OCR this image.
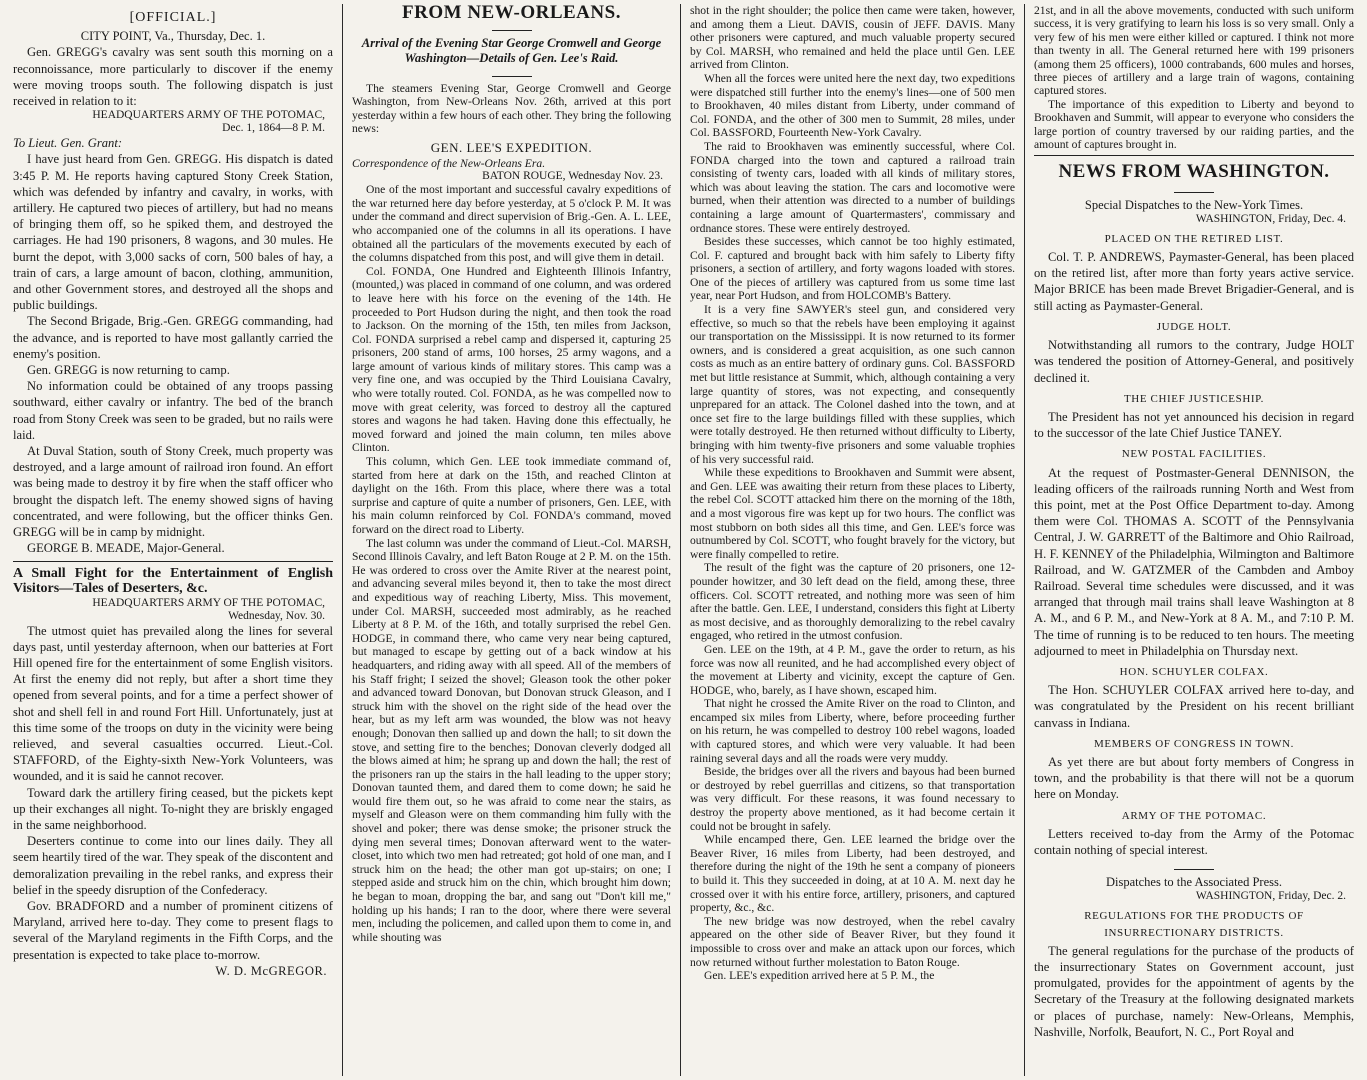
[OFFICIAL.]
CITY POINT, Va., Thursday, Dec. 1.

Gen. GREGG's cavalry was sent south this morning on a reconnoissance, more particularly to discover if the enemy were moving troops south. The following dispatch is just received in relation to it:

HEADQUARTERS ARMY OF THE POTOMAC,
Dec. 1, 1864—8 P. M.

To Lieut. Gen. Grant:

I have just heard from Gen. GREGG. His dispatch is dated 3:45 P. M. He reports having captured Stony Creek Station, which was defended by infantry and cavalry, in works, with artillery. He captured two pieces of artillery, but had no means of bringing them off, so he spiked them, and destroyed the carriages. He had 190 prisoners, 8 wagons, and 30 mules. He burnt the depot, with 3,000 sacks of corn, 500 bales of hay, a train of cars, a large amount of bacon, clothing, ammunition, and other Government stores, and destroyed all the shops and public buildings.

The Second Brigade, Brig.-Gen. GREGG commanding, had the advance, and is reported to have most gallantly carried the enemy's position.

Gen. GREGG is now returning to camp.

No information could be obtained of any troops passing southward, either cavalry or infantry. The bed of the branch road from Stony Creek was seen to be graded, but no rails were laid.

At Duval Station, south of Stony Creek, much property was destroyed, and a large amount of railroad iron found. An effort was being made to destroy it by fire when the staff officer who brought the dispatch left. The enemy showed signs of having concentrated, and were following, but the officer thinks Gen. GREGG will be in camp by midnight.

GEORGE B. MEADE, Major-General.

A Small Fight for the Entertainment of English Visitors—Tales of Deserters, &c.

HEADQUARTERS ARMY OF THE POTOMAC,
Wednesday, Nov. 30.

The utmost quiet has prevailed along the lines for several days past, until yesterday afternoon, when our batteries at Fort Hill opened fire for the entertainment of some English visitors. At first the enemy did not reply, but after a short time they opened from several points, and for a time a perfect shower of shot and shell fell in and round Fort Hill. Unfortunately, just at this time some of the troops on duty in the vicinity were being relieved, and several casualties occurred. Lieut.-Col. STAFFORD, of the Eighty-sixth New-York Volunteers, was wounded, and it is said he cannot recover.

Toward dark the artillery firing ceased, but the pickets kept up their exchanges all night. To-night they are briskly engaged in the same neighborhood.

Deserters continue to come into our lines daily. They all seem heartily tired of the war. They speak of the discontent and demoralization prevailing in the rebel ranks, and express their belief in the speedy disruption of the Confederacy.

Gov. BRADFORD and a number of prominent citizens of Maryland, arrived here to-day. They come to present flags to several of the Maryland regiments in the Fifth Corps, and the presentation is expected to take place to-morrow.

W. D. McGREGOR.
FROM NEW-ORLEANS.

Arrival of the Evening Star George Cromwell and George Washington—Details of Gen. Lee's Raid.

The steamers Evening Star, George Cromwell and George Washington, from New-Orleans Nov. 26th, arrived at this port yesterday within a few hours of each other. They bring the following news:

GEN. LEE'S EXPEDITION.

Correspondence of the New-Orleans Era.

BATON ROUGE, Wednesday Nov. 23.

One of the most important and successful cavalry expeditions of the war returned here day before yesterday, at 5 o'clock P. M. It was under the command and direct supervision of Brig.-Gen. A. L. LEE, who accompanied one of the columns in all its operations. I have obtained all the particulars of the movements executed by each of the columns dispatched from this post, and will give them in detail.

Col. FONDA, One Hundred and Eighteenth Illinois Infantry, (mounted,) was placed in command of one column, and was ordered to leave here with his force on the evening of the 14th. He proceeded to Port Hudson during the night, and then took the road to Jackson. On the morning of the 15th, ten miles from Jackson, Col. FONDA surprised a rebel camp and dispersed it, capturing 25 prisoners, 200 stand of arms, 100 horses, 25 army wagons, and a large amount of various kinds of military stores. This camp was a very fine one, and was occupied by the Third Louisiana Cavalry, who were totally routed. Col. FONDA, as he was compelled now to move with great celerity, was forced to destroy all the captured stores and wagons he had taken. Having done this effectually, he moved forward and joined the main column, ten miles above Clinton.

This column, which Gen. LEE took immediate command of, started from here at dark on the 15th, and reached Clinton at daylight on the 16th. From this place, where there was a total surprise and capture of quite a number of prisoners, Gen. LEE, with his main column reinforced by Col. FONDA's command, moved forward on the direct road to Liberty.

The last column was under the command of Lieut.-Col. MARSH, Second Illinois Cavalry, and left Baton Rouge at 2 P. M. on the 15th. He was ordered to cross over the Amite River at the nearest point, and advancing several miles beyond it, then to take the most direct and expeditious way of reaching Liberty, Miss. This movement, under Col. MARSH, succeeded most admirably, as he reached Liberty at 8 P. M. of the 16th, and totally surprised the rebel Gen. HODGE, in command there, who came very near being captured, but managed to escape by getting out of a back window at his headquarters, and riding away with all speed. All of the members of his Staff fright; I seized the shovel; Gleason took the other poker and advanced toward Donovan, but Donovan struck Gleason, and I struck him with the shovel on the right side of the head over the hear, but as my left arm was wounded, the blow was not heavy enough; Donovan then sallied up and down the hall; to sit down the stove, and setting fire to the benches; Donovan cleverly dodged all the blows aimed at him; he sprang up and down the hall; the rest of the prisoners ran up the stairs in the hall leading to the upper story; Donovan taunted them, and dared them to come down; he said he would fire them out, so he was afraid to come near the stairs, as myself and Gleason were on them commanding him fully with the shovel and poker; there was dense smoke; the prisoner struck the dying men several times; Donovan afterward went to the water-closet, into which two men had retreated; got hold of one man, and I struck him on the head; the other man got up-stairs; on one; I stepped aside and struck him on the chin, which brought him down; he began to moan, dropping the bar, and sang out "Don't kill me," holding up his hands; I ran to the door, where there were several men, including the policemen, and called upon them to come in, and while shouting was

shot in the right shoulder; the police then came were taken, however, and among them a Lieut. DAVIS, cousin of JEFF. DAVIS. Many other prisoners were captured, and much valuable property secured by Col. MARSH, who remained and held the place until Gen. LEE arrived from Clinton.

When all the forces were united here the next day, two expeditions were dispatched still further into the enemy's lines—one of 500 men to Brookhaven, 40 miles distant from Liberty, under command of Col. FONDA, and the other of 300 men to Summit, 28 miles, under Col. BASSFORD, Fourteenth New-York Cavalry.

The raid to Brookhaven was eminently successful, where Col. FONDA charged into the town and captured a railroad train consisting of twenty cars, loaded with all kinds of military stores, which was about leaving the station. The cars and locomotive were burned, when their attention was directed to a number of buildings containing a large amount of Quartermasters', commissary and ordnance stores. These were entirely destroyed.

Besides these successes, which cannot be too highly estimated, Col. F. captured and brought back with him safely to Liberty fifty prisoners, a section of artillery, and forty wagons loaded with stores. One of the pieces of artillery was captured from us some time last year, near Port Hudson, and from HOLCOMB's Battery.

It is a very fine SAWYER's steel gun, and considered very effective, so much so that the rebels have been employing it against our transportation on the Mississippi. It is now returned to its former owners, and is considered a great acquisition, as one such cannon costs as much as an entire battery of ordinary guns. Col. BASSFORD met but little resistance at Summit, which, although containing a very large quantity of stores, was not expecting, and consequently unprepared for an attack. The Colonel dashed into the town, and at once set fire to the large buildings filled with these supplies, which were totally destroyed. He then returned without difficulty to Liberty, bringing with him twenty-five prisoners and some valuable trophies of his very successful raid.

While these expeditions to Brookhaven and Summit were absent, and Gen. LEE was awaiting their return from these places to Liberty, the rebel Col. SCOTT attacked him there on the morning of the 18th, and a most vigorous fire was kept up for two hours. The conflict was most stubborn on both sides all this time, and Gen. LEE's force was outnumbered by Col. SCOTT, who fought bravely for the victory, but were finally compelled to retire.

The result of the fight was the capture of 20 prisoners, one 12-pounder howitzer, and 30 left dead on the field, among these, three officers. Col. SCOTT retreated, and nothing more was seen of him after the battle. Gen. LEE, I understand, considers this fight at Liberty as most decisive, and as thoroughly demoralizing to the rebel cavalry engaged, who retired in the utmost confusion.

Gen. LEE on the 19th, at 4 P. M., gave the order to return, as his force was now all reunited, and he had accomplished every object of the movement at Liberty and vicinity, except the capture of Gen. HODGE, who, barely, as I have shown, escaped him.

That night he crossed the Amite River on the road to Clinton, and encamped six miles from Liberty, where, before proceeding further on his return, he was compelled to destroy 100 rebel wagons, loaded with captured stores, and which were very valuable. It had been raining several days and all the roads were very muddy.

Beside, the bridges over all the rivers and bayous had been burned or destroyed by rebel guerrillas and citizens, so that transportation was very difficult. For these reasons, it was found necessary to destroy the property above mentioned, as it had become certain it could not be brought in safely.

While encamped there, Gen. LEE learned the bridge over the Beaver River, 16 miles from Liberty, had been destroyed, and therefore during the night of the 19th he sent a company of pioneers to build it. This they succeeded in doing, at at 10 A. M. next day he crossed over it with his entire force, artillery, prisoners, and captured property, &c., &c.

The new bridge was now destroyed, when the rebel cavalry appeared on the other side of Beaver River, but they found it impossible to cross over and make an attack upon our forces, which now returned without further molestation to Baton Rouge.

Gen. LEE's expedition arrived here at 5 P. M., the

21st, and in all the above movements, conducted with such uniform success, it is very gratifying to learn his loss is so very small. Only a very few of his men were either killed or captured. I think not more than twenty in all. The General returned here with 199 prisoners (among them 25 officers), 1000 contrabands, 600 mules and horses, three pieces of artillery and a large train of wagons, containing captured stores.

The importance of this expedition to Liberty and beyond to Brookhaven and Summit, will appear to everyone who considers the large portion of country traversed by our raiding parties, and the amount of captures brought in.

NEWS FROM WASHINGTON.
Special Dispatches to the New-York Times.
WASHINGTON, Friday, Dec. 4.
PLACED ON THE RETIRED LIST.

Col. T. P. ANDREWS, Paymaster-General, has been placed on the retired list, after more than forty years active service. Major BRICE has been made Brevet Brigadier-General, and is still acting as Paymaster-General.

JUDGE HOLT.

Notwithstanding all rumors to the contrary, Judge HOLT was tendered the position of Attorney-General, and positively declined it.

THE CHIEF JUSTICESHIP.

The President has not yet announced his decision in regard to the successor of the late Chief Justice TANEY.

NEW POSTAL FACILITIES.

At the request of Postmaster-General DENNISON, the leading officers of the railroads running North and West from this point, met at the Post Office Department to-day. Among them were Col. THOMAS A. SCOTT of the Pennsylvania Central, J. W. GARRETT of the Baltimore and Ohio Railroad, H. F. KENNEY of the Philadelphia, Wilmington and Baltimore Railroad, and W. GATZMER of the Cambden and Amboy Railroad. Several time schedules were discussed, and it was arranged that through mail trains shall leave Washington at 8 A. M., and 6 P. M., and New-York at 8 A. M., and 7:10 P. M. The time of running is to be reduced to ten hours. The meeting adjourned to meet in Philadelphia on Thursday next.

HON. SCHUYLER COLFAX.

The Hon. SCHUYLER COLFAX arrived here to-day, and was congratulated by the President on his recent brilliant canvass in Indiana.

MEMBERS OF CONGRESS IN TOWN.

As yet there are but about forty members of Congress in town, and the probability is that there will not be a quorum here on Monday.

ARMY OF THE POTOMAC.

Letters received to-day from the Army of the Potomac contain nothing of special interest.

Dispatches to the Associated Press.
WASHINGTON, Friday, Dec. 2.
REGULATIONS FOR THE PRODUCTS OF INSURRECTIONARY DISTRICTS.

The general regulations for the purchase of the products of the insurrectionary States on Government account, just promulgated, provides for the appointment of agents by the Secretary of the Treasury at the following designated markets or places of purchase, namely: New-Orleans, Memphis, Nashville, Norfolk, Beaufort, N. C., Port Royal and
